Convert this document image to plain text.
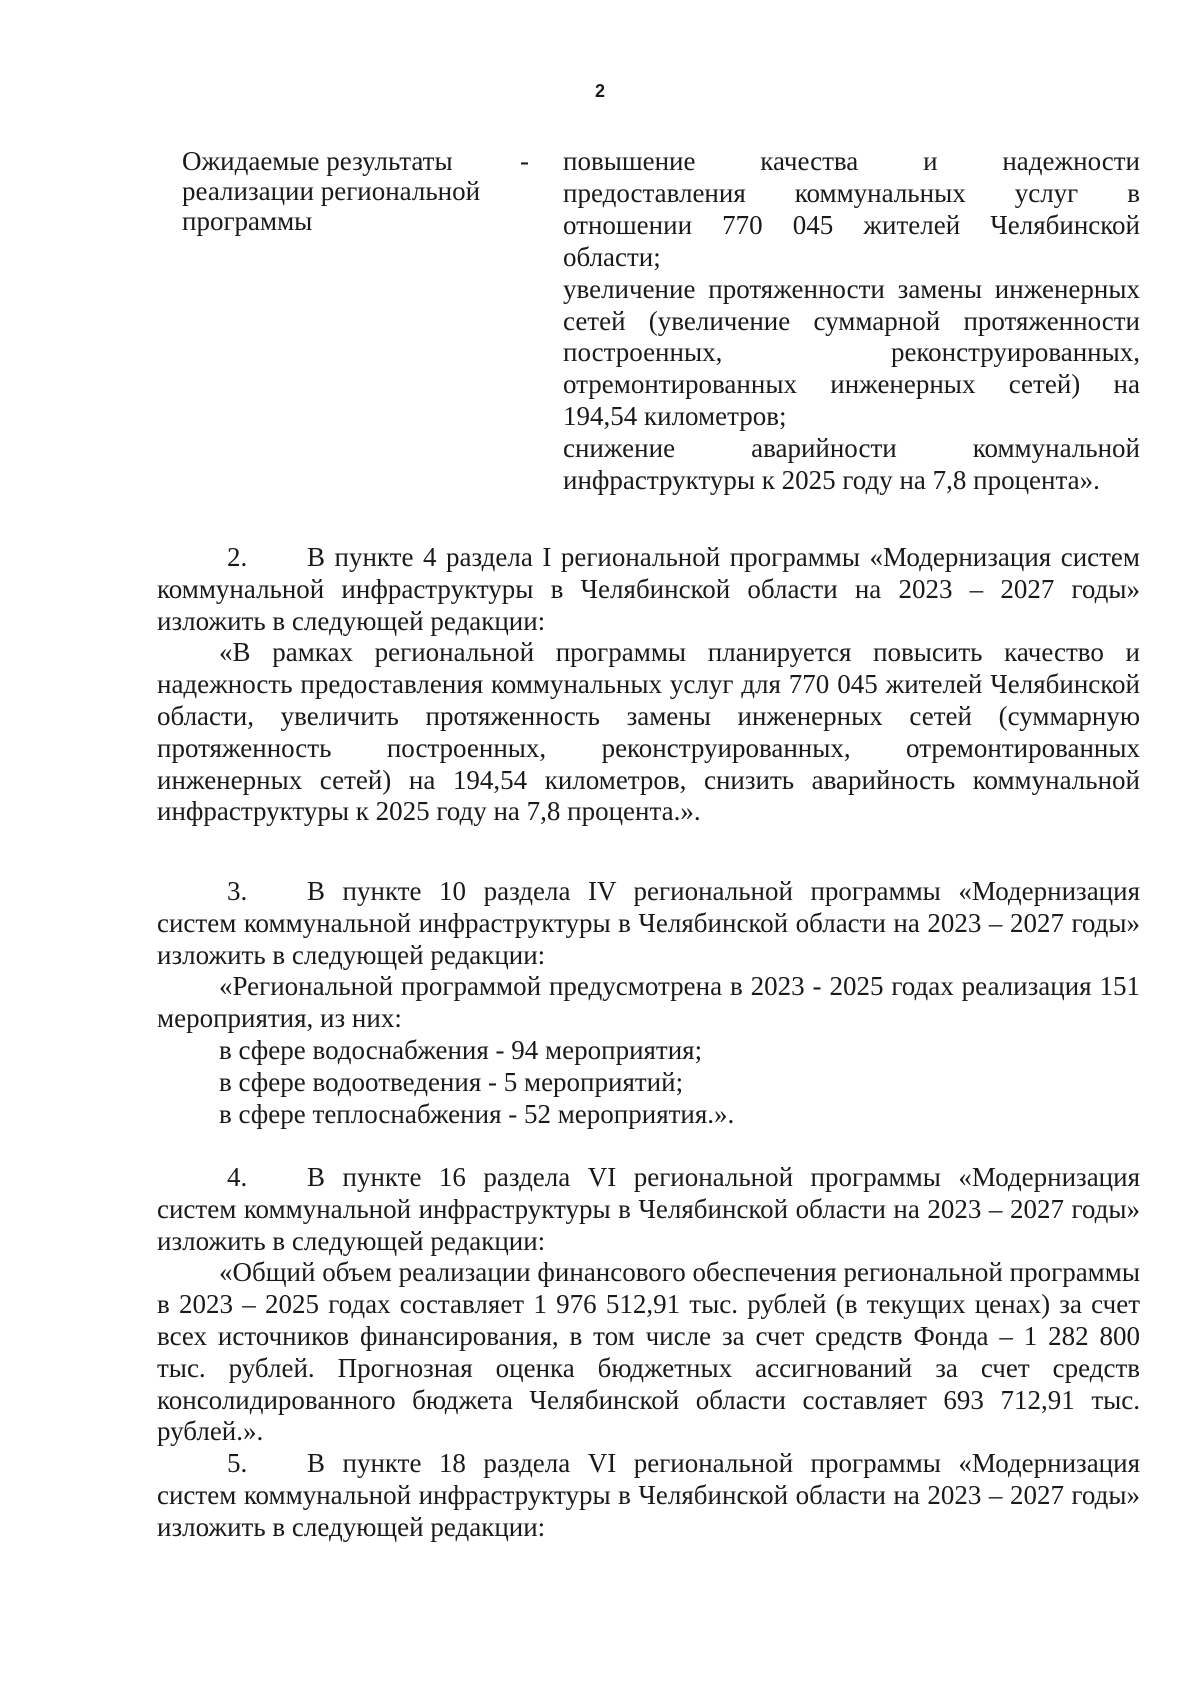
2
Ожидаемые результаты реализации региональной программы
- повышение качества и надежности предоставления коммунальных услуг в отношении 770 045 жителей Челябинской области;

увеличение протяженности замены инженерных сетей (увеличение суммарной протяженности построенных, реконструированных, отремонтированных инженерных сетей) на 194,54 километров;

снижение аварийности коммунальной инфраструктуры к 2025 году на 7,8 процента».

2. В пункте 4 раздела I региональной программы «Модернизация систем коммунальной инфраструктуры в Челябинской области на 2023 – 2027 годы» изложить в следующей редакции:

«В рамках региональной программы планируется повысить качество и надежность предоставления коммунальных услуг для 770 045 жителей Челябинской области, увеличить протяженность замены инженерных сетей (суммарную протяженность построенных, реконструированных, отремонтированных инженерных сетей) на 194,54 километров, снизить аварийность коммунальной инфраструктуры к 2025 году на 7,8 процента.».

3. В пункте 10 раздела IV региональной программы «Модернизация систем коммунальной инфраструктуры в Челябинской области на 2023 – 2027 годы» изложить в следующей редакции:

«Региональной программой предусмотрена в 2023 - 2025 годах реализация 151 мероприятия, из них:

в сфере водоснабжения - 94 мероприятия;

в сфере водоотведения - 5 мероприятий;

в сфере теплоснабжения - 52 мероприятия.».

4. В пункте 16 раздела VI региональной программы «Модернизация систем коммунальной инфраструктуры в Челябинской области на 2023 – 2027 годы» изложить в следующей редакции:

«Общий объем реализации финансового обеспечения региональной программы в 2023 – 2025 годах составляет 1 976 512,91 тыс. рублей (в текущих ценах) за счет всех источников финансирования, в том числе за счет средств Фонда – 1 282 800 тыс. рублей. Прогнозная оценка бюджетных ассигнований за счет средств консолидированного бюджета Челябинской области составляет 693 712,91 тыс. рублей.».

5. В пункте 18 раздела VI региональной программы «Модернизация систем коммунальной инфраструктуры в Челябинской области на 2023 – 2027 годы» изложить в следующей редакции:
